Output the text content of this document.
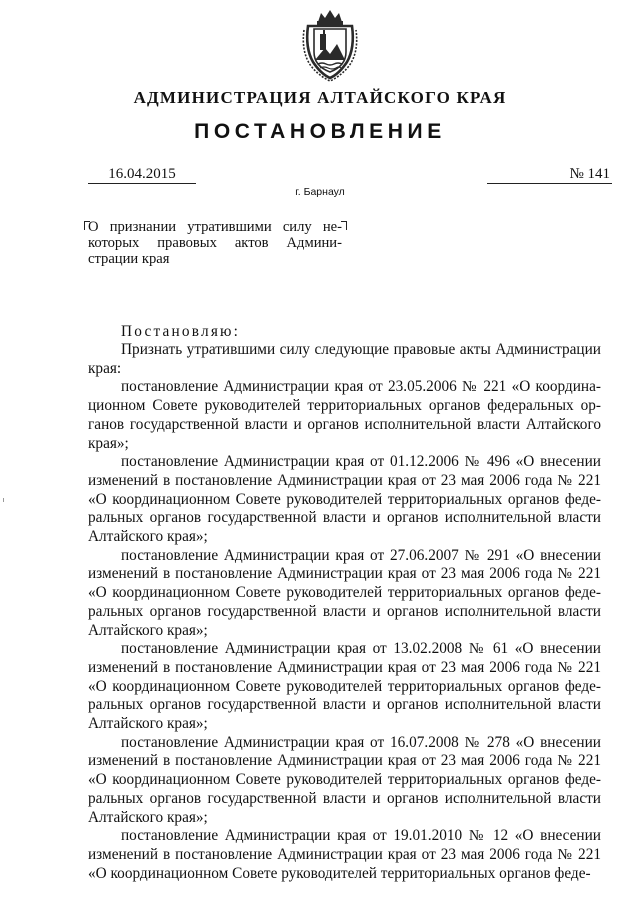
АДМИНИСТРАЦИЯ АЛТАЙСКОГО КРАЯ
ПОСТАНОВЛЕНИЕ
16.04.2015	№ 141
г. Барнаул
О признании утратившими силу некоторых правовых актов Администрации края
Постановляю:

Признать утратившими силу следующие правовые акты Администрации края:

постановление Администрации края от 23.05.2006 № 221 «О координационном Совете руководителей территориальных органов федеральных органов государственной власти и органов исполнительной власти Алтайского края»;

постановление Администрации края от 01.12.2006 № 496 «О внесении изменений в постановление Администрации края от 23 мая 2006 года № 221 «О координационном Совете руководителей территориальных органов федеральных органов государственной власти и органов исполнительной власти Алтайского края»;

постановление Администрации края от 27.06.2007 № 291 «О внесении изменений в постановление Администрации края от 23 мая 2006 года № 221 «О координационном Совете руководителей территориальных органов федеральных органов государственной власти и органов исполнительной власти Алтайского края»;

постановление Администрации края от 13.02.2008 № 61 «О внесении изменений в постановление Администрации края от 23 мая 2006 года № 221 «О координационном Совете руководителей территориальных органов федеральных органов государственной власти и органов исполнительной власти Алтайского края»;

постановление Администрации края от 16.07.2008 № 278 «О внесении изменений в постановление Администрации края от 23 мая 2006 года № 221 «О координационном Совете руководителей территориальных органов федеральных органов государственной власти и органов исполнительной власти Алтайского края»;

постановление Администрации края от 19.01.2010 № 12 «О внесении изменений в постановление Администрации края от 23 мая 2006 года № 221 «О координационном Совете руководителей территориальных органов феде-
